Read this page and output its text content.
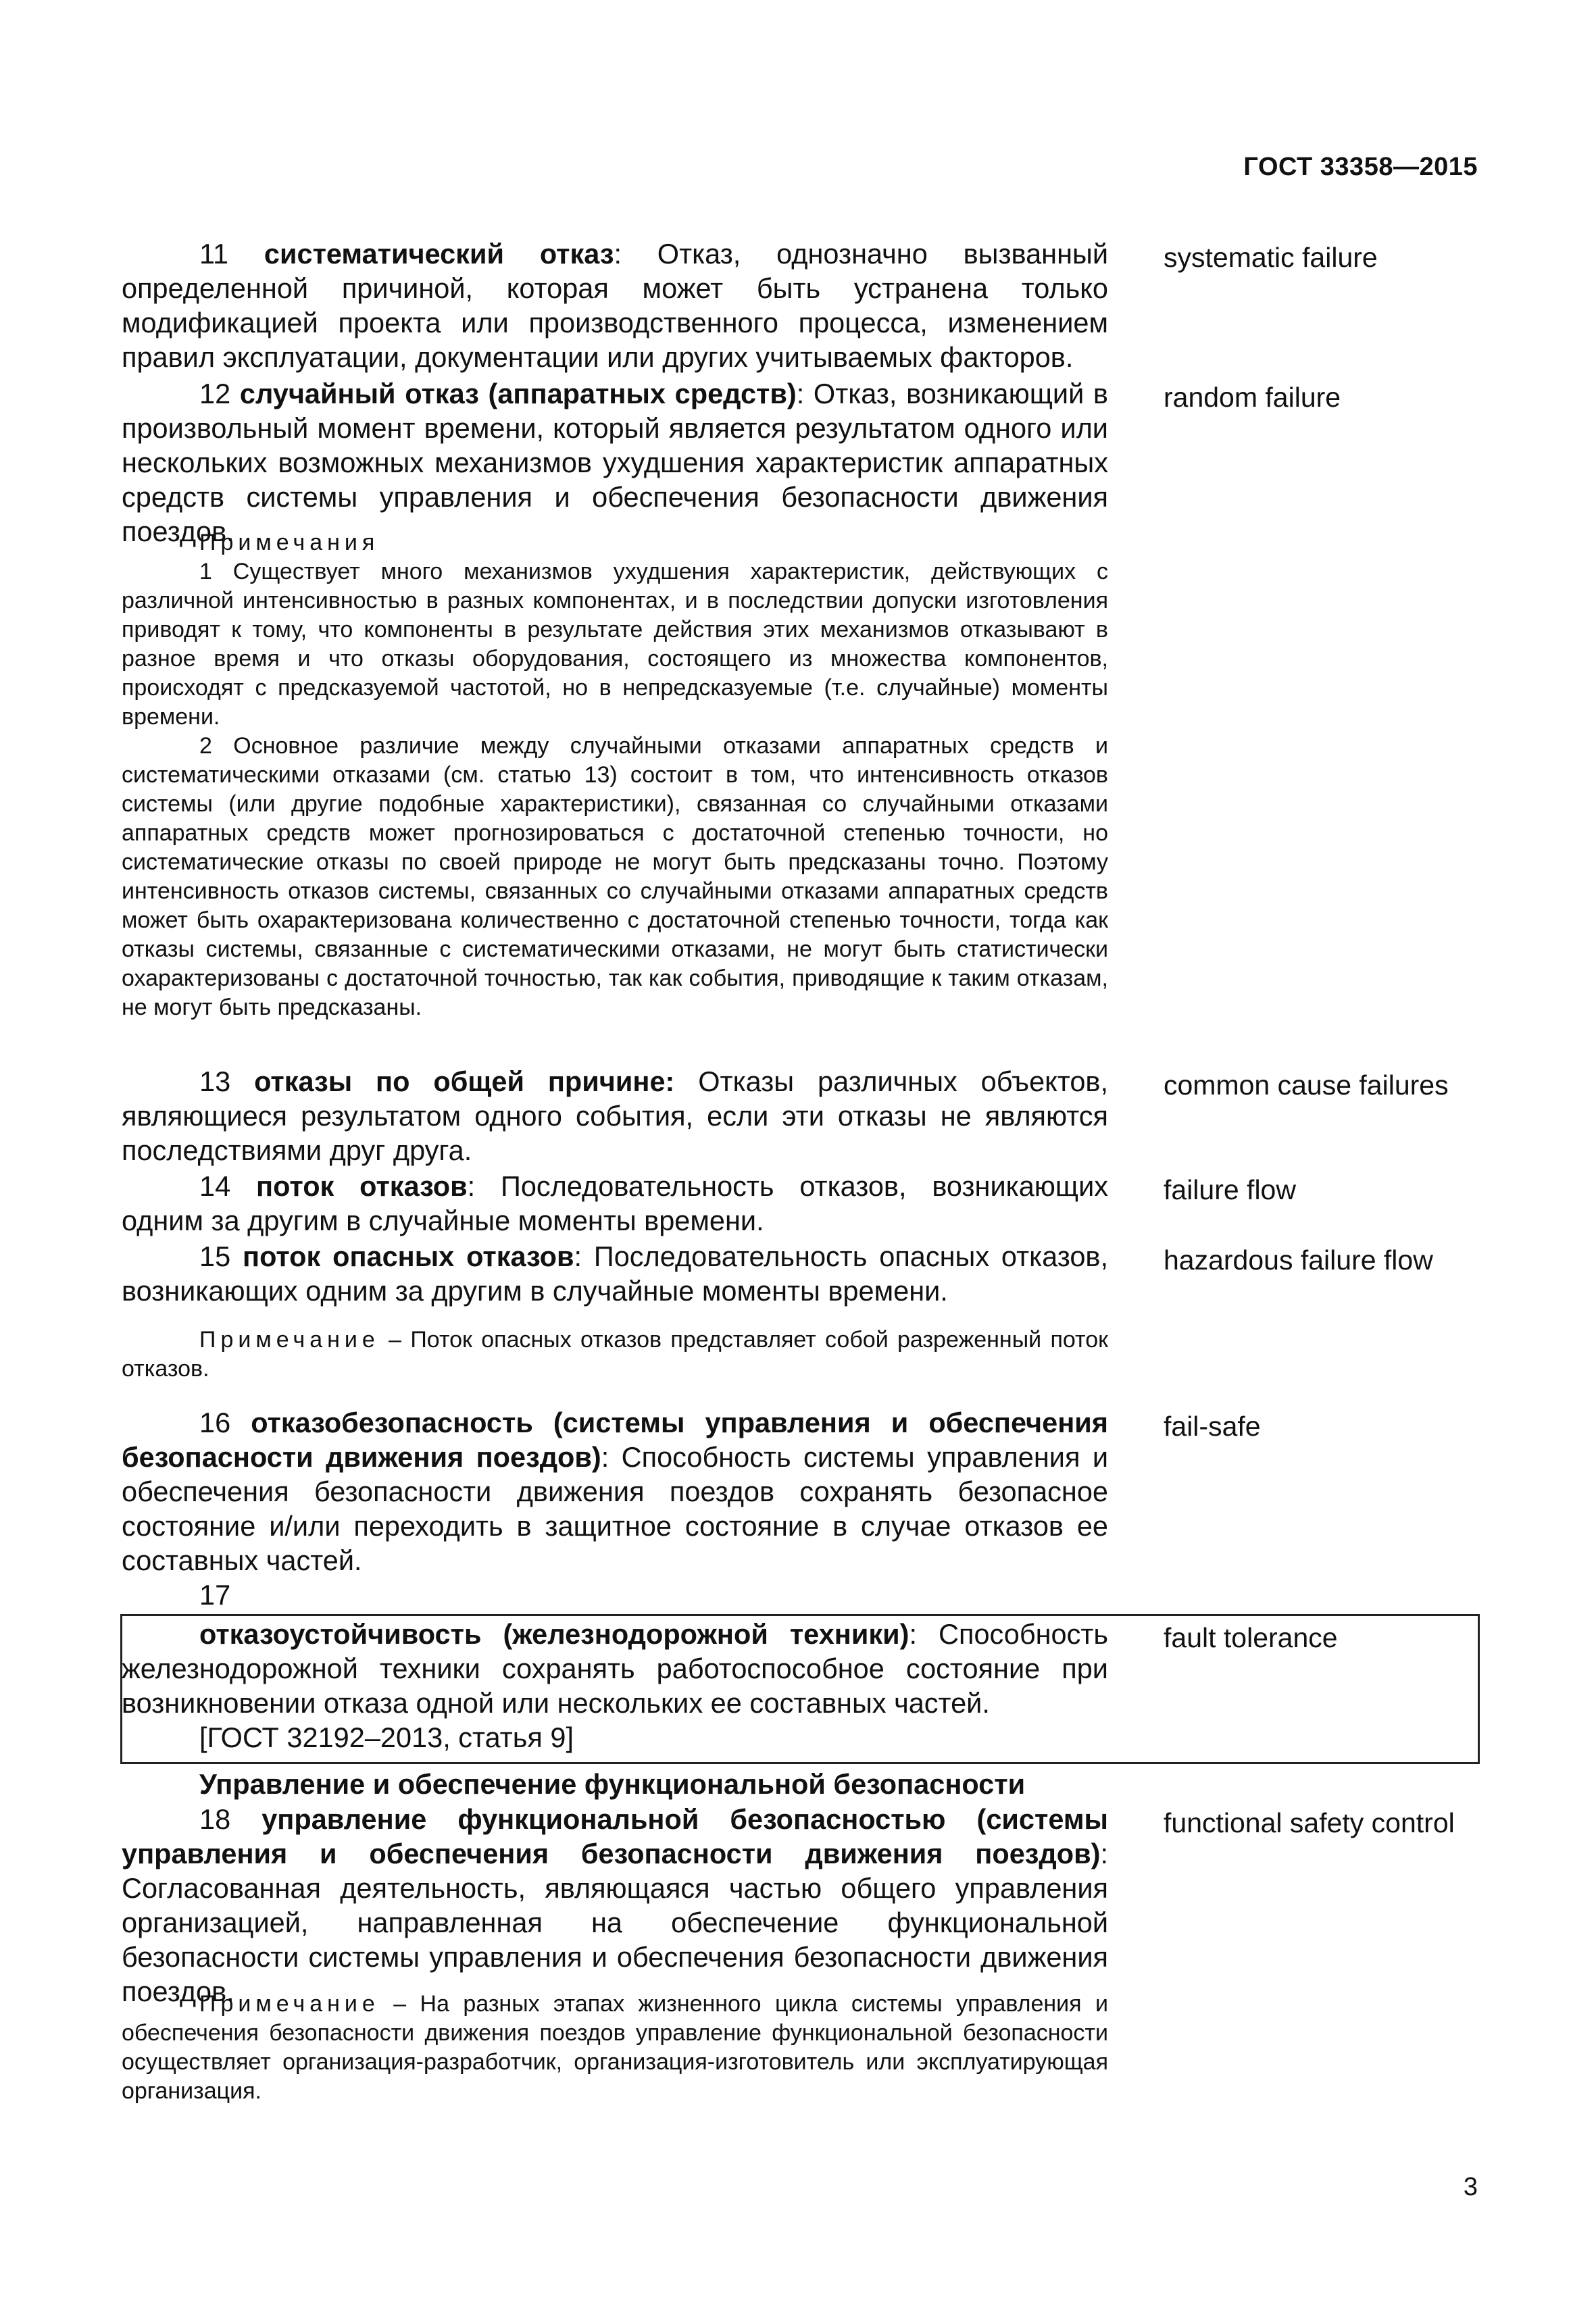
ГОСТ 33358—2015

11 систематический отказ: Отказ, однозначно вызванный определенной причиной, которая может быть устранена только модификацией проекта или производственного процесса, изменением правил эксплуатации, документации или других учитываемых факторов.

systematic failure

12 случайный отказ (аппаратных средств): Отказ, возникающий в произвольный момент времени, который является результатом одного или нескольких возможных механизмов ухудшения характеристик аппаратных средств системы управления и обеспечения безопасности движения поездов.

random failure

Примечания

1 Существует много механизмов ухудшения характеристик, действующих с различной интенсивностью в разных компонентах, и в последствии допуски изготовления приводят к тому, что компоненты в результате действия этих механизмов отказывают в разное время и что отказы оборудования, состоящего из множества компонентов, происходят с предсказуемой частотой, но в непредсказуемые (т.е. случайные) моменты времени.

2 Основное различие между случайными отказами аппаратных средств и систематическими отказами (см. статью 13) состоит в том, что интенсивность отказов системы (или другие подобные характеристики), связанная со случайными отказами аппаратных средств может прогнозироваться с достаточной степенью точности, но систематические отказы по своей природе не могут быть предсказаны точно. Поэтому интенсивность отказов системы, связанных со случайными отказами аппаратных средств может быть охарактеризована количественно с достаточной степенью точности, тогда как отказы системы, связанные с систематическими отказами, не могут быть статистически охарактеризованы с достаточной точностью, так как события, приводящие к таким отказам, не могут быть предсказаны.

13 отказы по общей причине: Отказы различных объектов, являющиеся результатом одного события, если эти отказы не являются последствиями друг друга.

common cause failures

14 поток отказов: Последовательность отказов, возникающих одним за другим в случайные моменты времени.

failure flow

15 поток опасных отказов: Последовательность опасных отказов, возникающих одним за другим в случайные моменты времени.

hazardous failure flow

Примечание – Поток опасных отказов представляет собой разреженный поток отказов.

16 отказобезопасность (системы управления и обеспечения безопасности движения поездов): Способность системы управления и обеспечения безопасности движения поездов сохранять безопасное состояние и/или переходить в защитное состояние в случае отказов ее составных частей.

fail-safe

17

отказоустойчивость (железнодорожной техники): Способность железнодорожной техники сохранять работоспособное состояние при возникновении отказа одной или нескольких ее составных частей.

[ГОСТ 32192–2013, статья 9]

fault tolerance

Управление и обеспечение функциональной безопасности

18 управление функциональной безопасностью (системы управления и обеспечения безопасности движения поездов): Согласованная деятельность, являющаяся частью общего управления организацией, направленная на обеспечение функциональной безопасности системы управления и обеспечения безопасности движения поездов.

functional safety control

Примечание – На разных этапах жизненного цикла системы управления и обеспечения безопасности движения поездов управление функциональной безопасности осуществляет организация-разработчик, организация-изготовитель или эксплуатирующая организация.

3
